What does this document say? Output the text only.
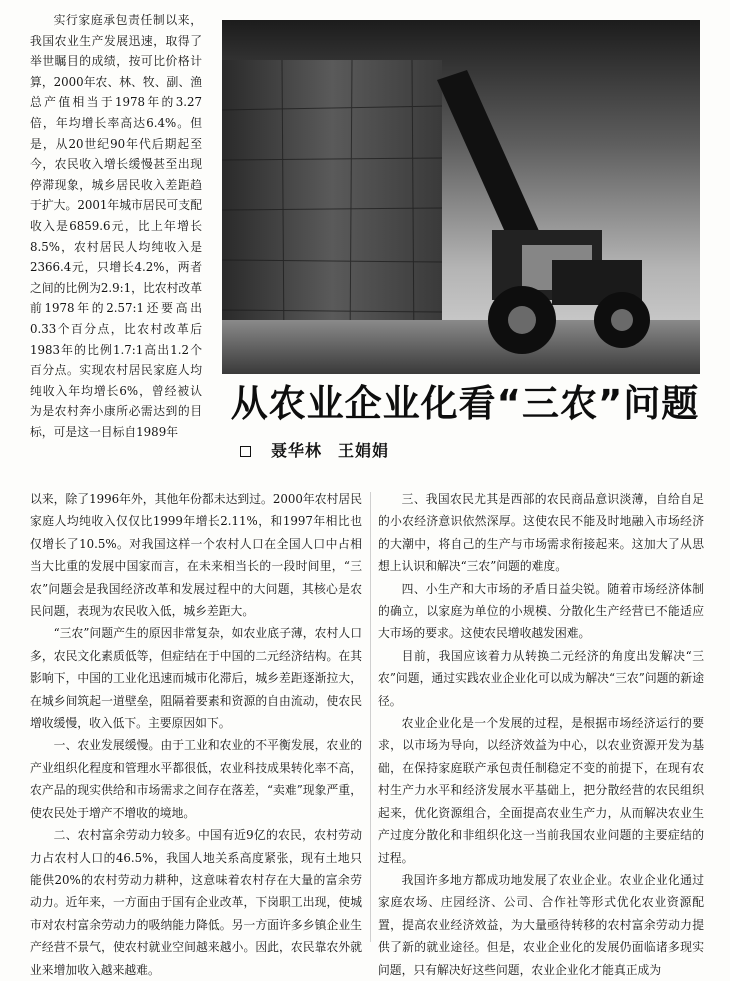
实行家庭承包责任制以来，我国农业生产发展迅速，取得了举世瞩目的成绩，按可比价格计算，2000年农、林、牧、副、渔总产值相当于1978年的3.27倍，年均增长率高达6.4%。但是，从20世纪90年代后期起至今，农民收入增长缓慢甚至出现停滞现象，城乡居民收入差距趋于扩大。2001年城市居民可支配收入是6859.6元，比上年增长8.5%，农村居民人均纯收入是2366.4元，只增长4.2%，两者之间的比例为2.9:1，比农村改革前1978年的2.57:1还要高出0.33个百分点，比农村改革后1983年的比例1.7:1高出1.2个百分点。实现农村居民家庭人均纯收入年均增长6%，曾经被认为是农村奔小康所必需达到的目标，可是这一目标自1989年

从农业企业化看“三农”问题
聂华林 王娟娟

以来，除了1996年外，其他年份都未达到过。2000年农村居民家庭人均纯收入仅仅比1999年增长2.11%，和1997年相比也仅增长了10.5%。对我国这样一个农村人口在全国人口中占相当大比重的发展中国家而言，在未来相当长的一段时间里，“三农”问题会是我国经济改革和发展过程中的大问题，其核心是农民问题，表现为农民收入低，城乡差距大。

“三农”问题产生的原因非常复杂，如农业底子薄，农村人口多，农民文化素质低等，但症结在于中国的二元经济结构。在其影响下，中国的工业化迅速而城市化滞后，城乡差距逐渐拉大，在城乡间筑起一道壁垒，阻隔着要素和资源的自由流动，使农民增收缓慢，收入低下。主要原因如下。

一、农业发展缓慢。由于工业和农业的不平衡发展，农业的产业组织化程度和管理水平都很低，农业科技成果转化率不高，农产品的现实供给和市场需求之间存在落差，“卖难”现象严重，使农民处于增产不增收的境地。

二、农村富余劳动力较多。中国有近9亿的农民，农村劳动力占农村人口的46.5%，我国人地关系高度紧张，现有土地只能供20%的农村劳动力耕种，这意味着农村存在大量的富余劳动力。近年来，一方面由于国有企业改革，下岗职工出现，使城市对农村富余劳动力的吸纳能力降低。另一方面许多乡镇企业生产经营不景气，使农村就业空间越来越小。因此，农民靠农外就业来增加收入越来越难。

三、我国农民尤其是西部的农民商品意识淡薄，自给自足的小农经济意识依然深厚。这使农民不能及时地融入市场经济的大潮中，将自己的生产与市场需求衔接起来。这加大了从思想上认识和解决“三农”问题的难度。

四、小生产和大市场的矛盾日益尖锐。随着市场经济体制的确立，以家庭为单位的小规模、分散化生产经营已不能适应大市场的要求。这使农民增收越发困难。

目前，我国应该着力从转换二元经济的角度出发解决“三农”问题，通过实践农业企业化可以成为解决“三农”问题的新途径。

农业企业化是一个发展的过程，是根据市场经济运行的要求，以市场为导向，以经济效益为中心，以农业资源开发为基础，在保持家庭联产承包责任制稳定不变的前提下，在现有农村生产力水平和经济发展水平基础上，把分散经营的农民组织起来，优化资源组合，全面提高农业生产力，从而解决农业生产过度分散化和非组织化这一当前我国农业问题的主要症结的过程。

我国许多地方都成功地发展了农业企业。农业企业化通过家庭农场、庄园经济、公司、合作社等形式优化农业资源配置，提高农业经济效益，为大量亟待转移的农村富余劳动力提供了新的就业途径。但是，农业企业化的发展仍面临诸多现实问题，只有解决好这些问题，农业企业化才能真正成为
